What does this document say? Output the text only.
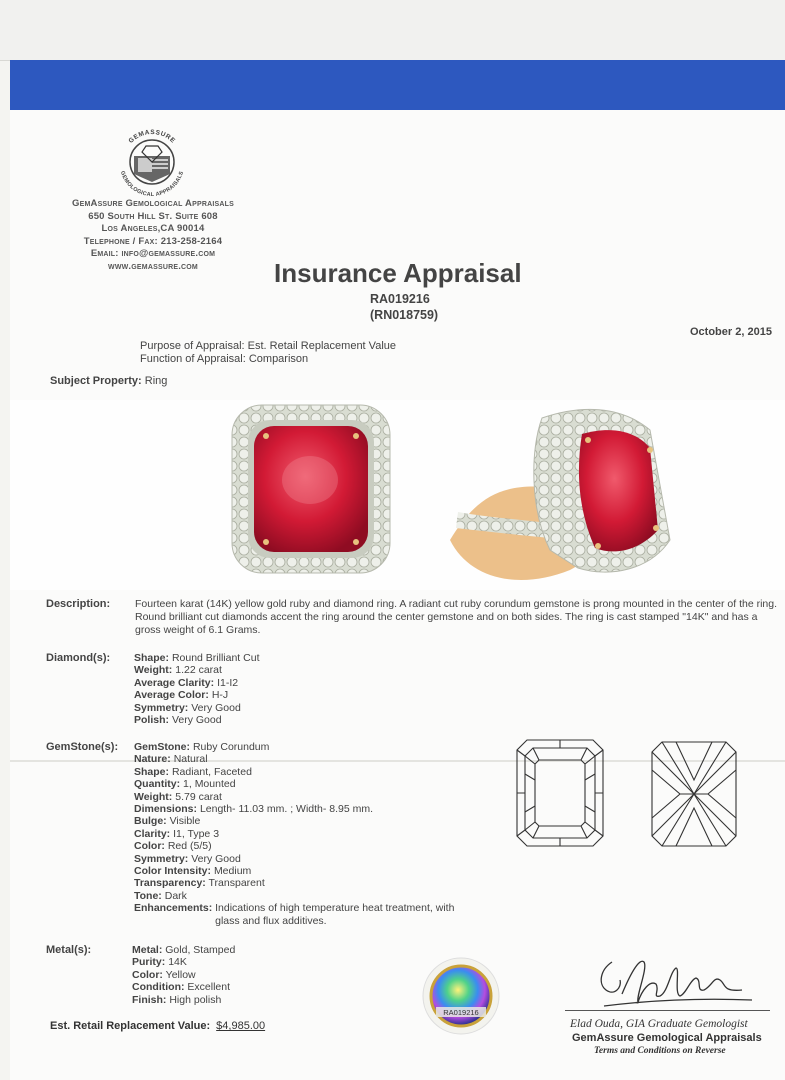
GEMASSURE
GEMOLOGICAL APPRAISALS
GemAssure Gemological Appraisals
650 South Hill St. Suite 608
Los Angeles,CA 90014
Telephone / Fax: 213-258-2164
Email: info@gemassure.com
www.gemassure.com	Insurance Appraisal
RA019216
(RN018759)
October 2, 2015
Purpose of Appraisal: Est. Retail Replacement Value
Function of Appraisal: Comparison
Subject Property: Ring
Description: Fourteen karat (14K) yellow gold ruby and diamond ring. A radiant cut ruby corundum gemstone is prong mounted in the center of the ring. Round brilliant cut diamonds accent the ring around the center gemstone and on both sides. The ring is cast stamped "14K" and has a gross weight of 6.1 Grams.
Diamond(s): Shape: Round Brilliant Cut
Weight: 1.22 carat
Average Clarity: I1-I2
Average Color: H-J
Symmetry: Very Good
Polish: Very Good
GemStone(s): GemStone: Ruby Corundum
Nature: Natural
Shape: Radiant, Faceted
Quantity: 1, Mounted
Weight: 5.79 carat
Dimensions: Length- 11.03 mm. ; Width- 8.95 mm.
Bulge: Visible
Clarity: I1, Type 3
Color: Red (5/5)
Symmetry: Very Good
Color Intensity: Medium
Transparency: Transparent
Tone: Dark
Enhancements: Indications of high temperature heat treatment, with glass and flux additives.
Metal(s):	Metal: Gold, Stamped
Purity: 14K
Color: Yellow
Condition: Excellent
Finish: High polish
Est. Retail Replacement Value: $4,985.00
RA019216
Elad Ouda, GIA Graduate Gemologist
GemAssure Gemological Appraisals
Terms and Conditions on Reverse
